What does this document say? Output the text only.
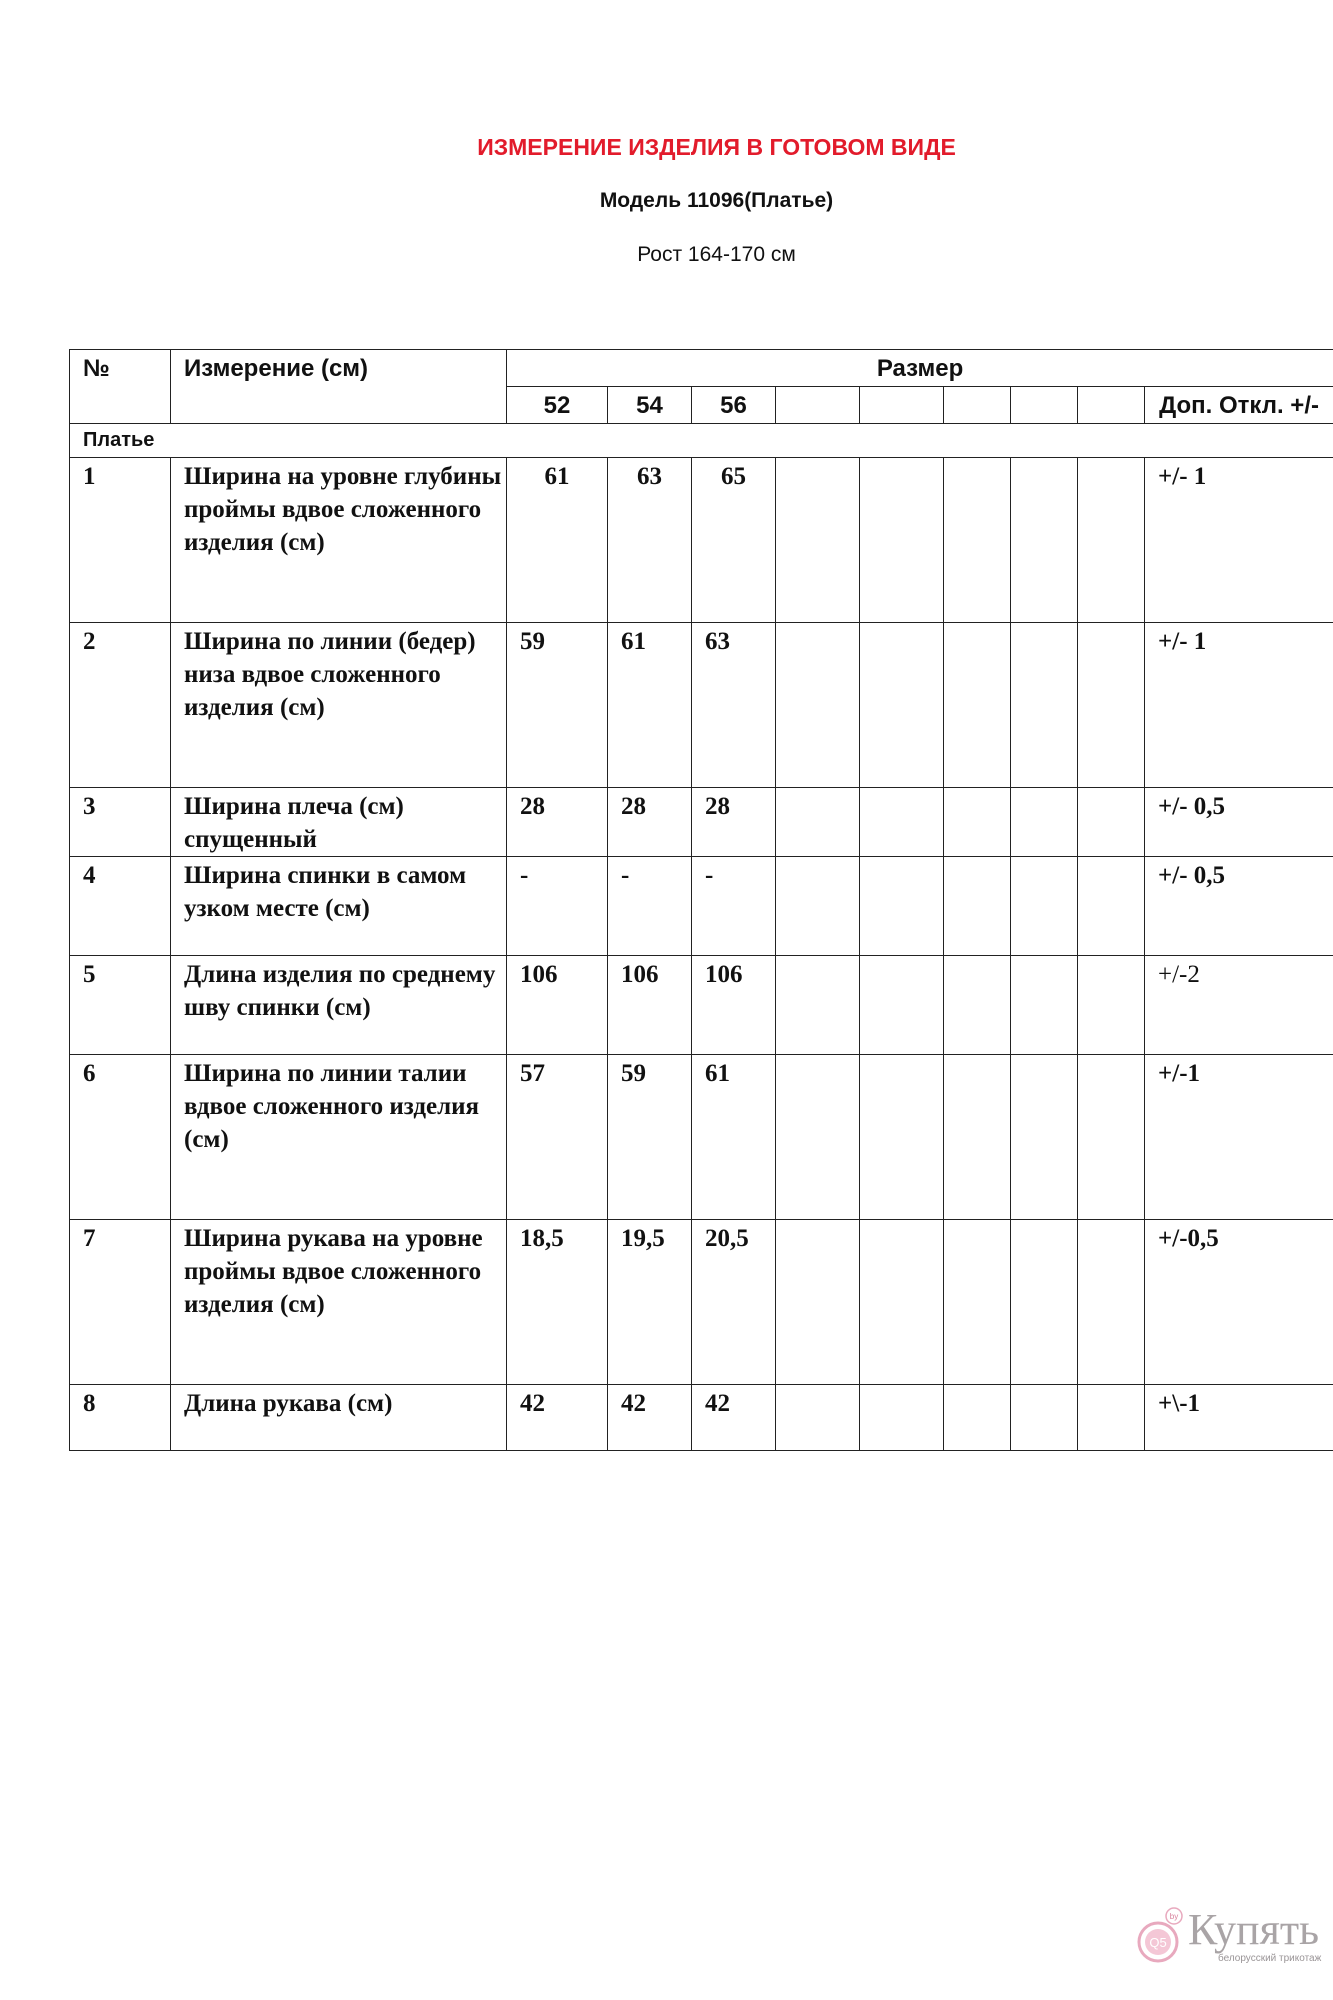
ИЗМЕРЕНИЕ ИЗДЕЛИЯ В ГОТОВОМ ВИДЕ
Модель 11096(Платье)
Рост 164-170 см
№	Измерение (см)	Размер								
		52	54	56						Доп. Откл. +/-
Платье										
1	Ширина на уровне глубины проймы вдвое сложенного изделия (см)	61	63	65						+/- 1
2	Ширина по линии (бедер) низа вдвое сложенного изделия (см)	59	61	63						+/- 1
3	Ширина плеча (см) спущенный	28	28	28						+/- 0,5
4	Ширина спинки в самом узком месте (см)	-	-	-						+/- 0,5
5	Длина изделия по среднему шву спинки (см)	106	106	106						+/-2
6	Ширина по линии талии вдвое сложенного изделия (см)	57	59	61						+/-1
7	Ширина рукава на уровне проймы вдвое сложенного изделия (см)	18,5	19,5	20,5						+/-0,5
8	Длина рукава (см)	42	42	42						+\-1
Q5
by Купять
белорусский трикотаж
